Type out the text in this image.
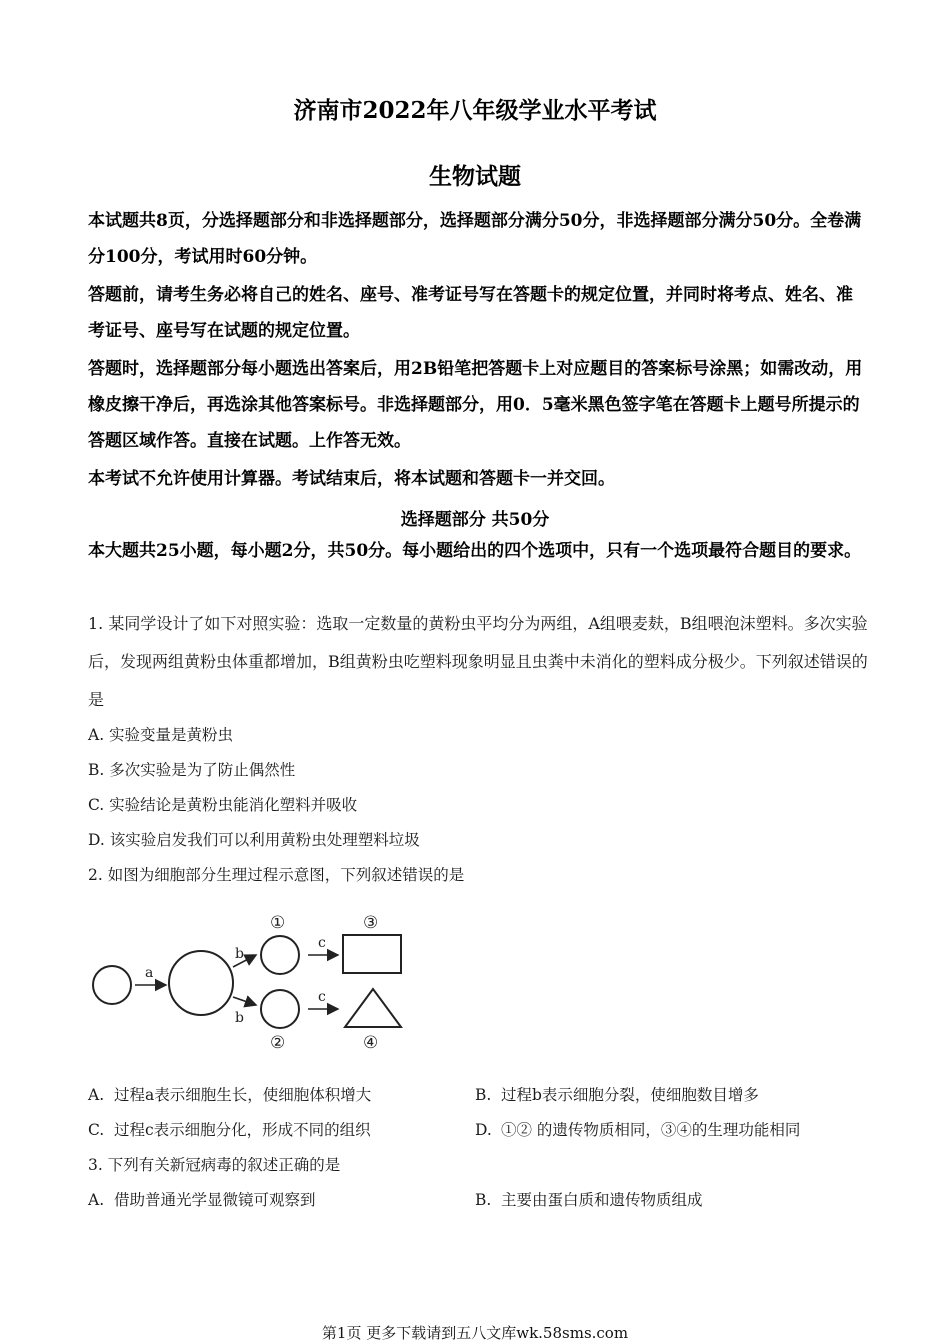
济南市2022年八年级学业水平考试
生物试题
本试题共8页，分选择题部分和非选择题部分，选择题部分满分50分，非选择题部分满分50分。全卷满分100分，考试用时60分钟。
答题前，请考生务必将自己的姓名、座号、准考证号写在答题卡的规定位置，并同时将考点、姓名、准考证号、座号写在试题的规定位置。
答题时，选择题部分每小题选出答案后，用2B铅笔把答题卡上对应题目的答案标号涂黑；如需改动，用橡皮擦干净后，再选涂其他答案标号。非选择题部分，用0．5毫米黑色签字笔在答题卡上题号所提示的答题区域作答。直接在试题。上作答无效。
本考试不允许使用计算器。考试结束后，将本试题和答题卡一并交回。
选择题部分 共50分
本大题共25小题，每小题2分，共50分。每小题给出的四个选项中，只有一个选项最符合题目的要求。
1. 某同学设计了如下对照实验：选取一定数量的黄粉虫平均分为两组，A组喂麦麸，B组喂泡沫塑料。多次实验后，发现两组黄粉虫体重都增加，B组黄粉虫吃塑料现象明显且虫粪中未消化的塑料成分极少。下列叙述错误的是
A. 实验变量是黄粉虫
B. 多次实验是为了防止偶然性
C. 实验结论是黄粉虫能消化塑料并吸收
D. 该实验启发我们可以利用黄粉虫处理塑料垃圾
2. 如图为细胞部分生理过程示意图，下列叙述错误的是
a
b
b
c
c
①
②
③
④
A. 过程a表示细胞生长，使细胞体积增大	B. 过程b表示细胞分裂，使细胞数目增多
C. 过程c表示细胞分化，形成不同的组织	D. ①② 的遗传物质相同，③④的生理功能相同
3. 下列有关新冠病毒的叙述正确的是
A. 借助普通光学显微镜可观察到	B. 主要由蛋白质和遗传物质组成
第1页 更多下载请到五八文库wk.58sms.com
